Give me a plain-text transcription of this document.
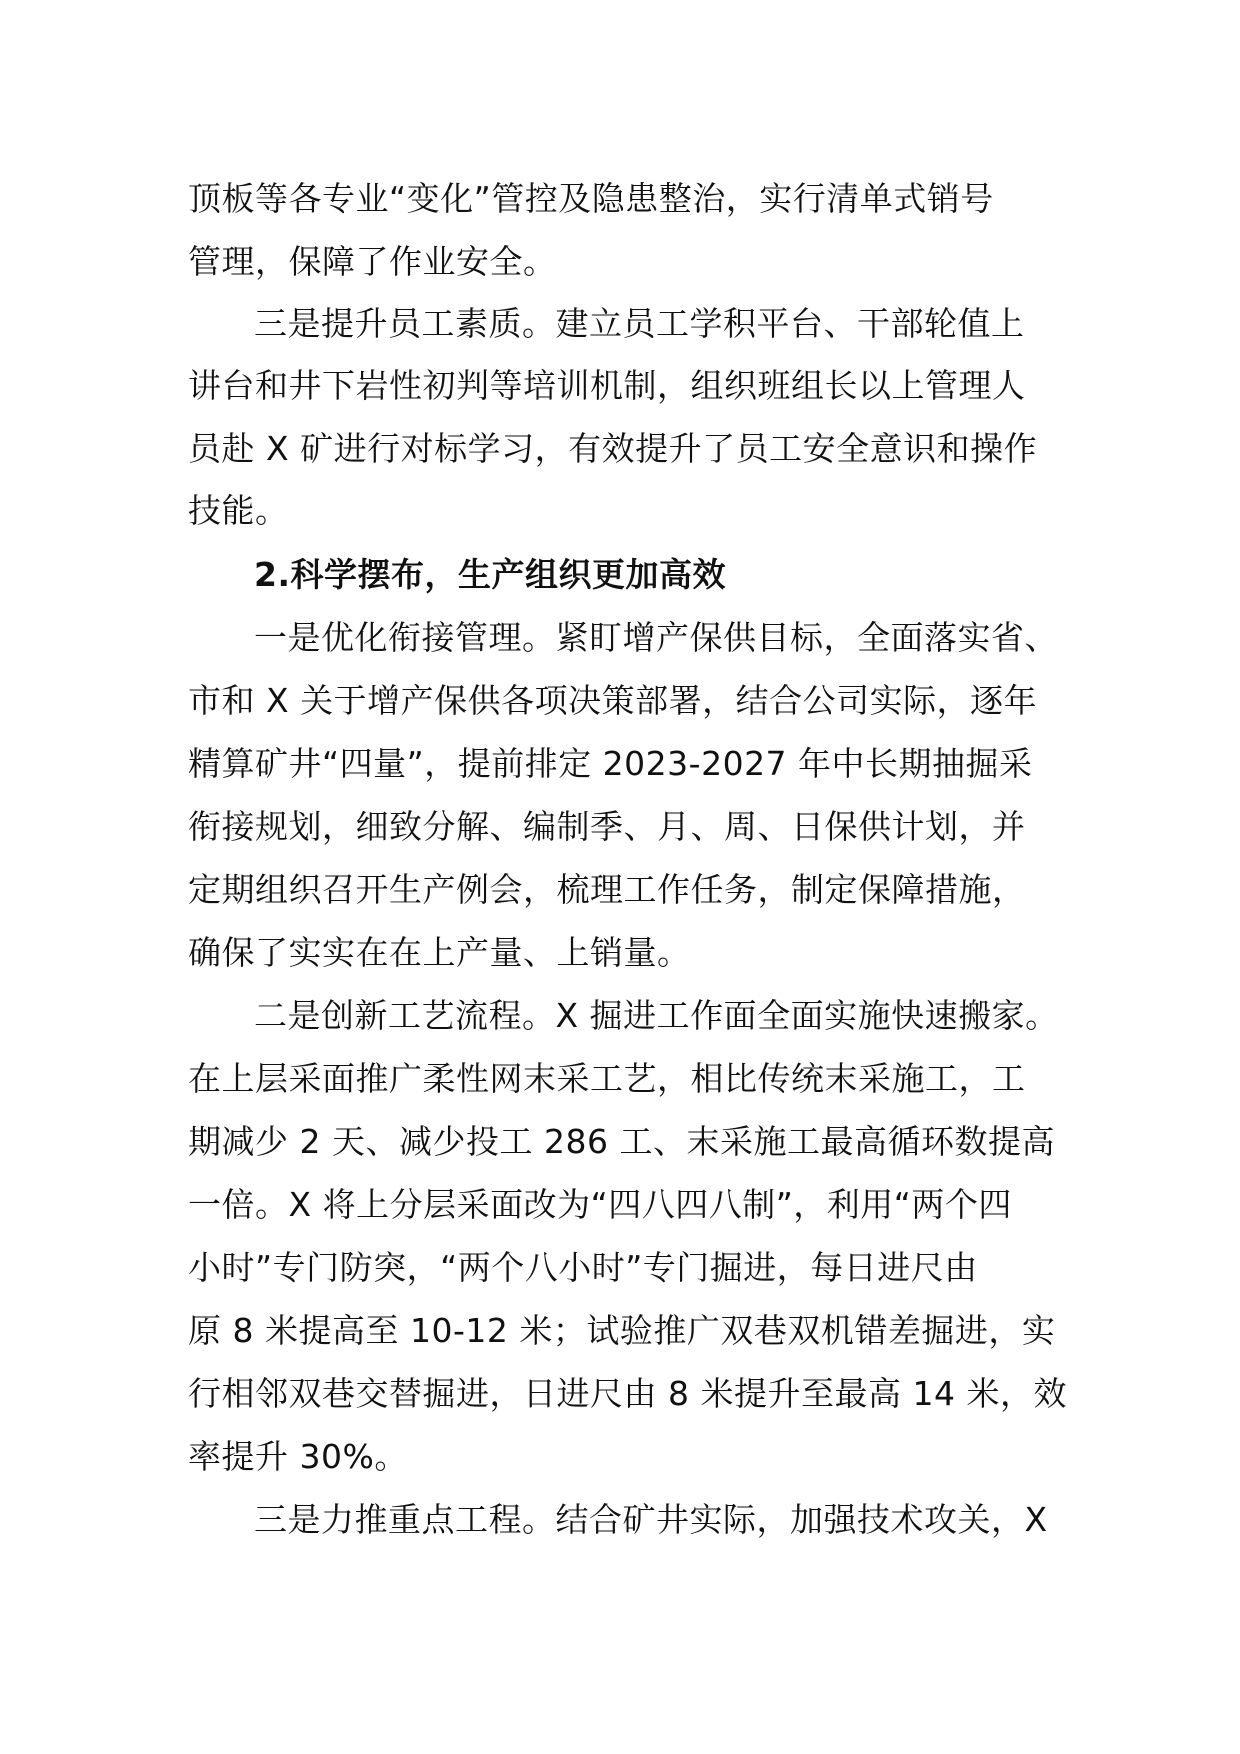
顶板等各专业“变化”管控及隐患整治，实行清单式销号
管理，保障了作业安全。
三是提升员工素质。建立员工学积平台、干部轮值上
讲台和井下岩性初判等培训机制，组织班组长以上管理人
员赴 X 矿进行对标学习，有效提升了员工安全意识和操作
技能。
2.科学摆布，生产组织更加高效
一是优化衔接管理。紧盯增产保供目标，全面落实省、
市和 X 关于增产保供各项决策部署，结合公司实际，逐年
精算矿井“四量”，提前排定 2023-2027 年中长期抽掘采
衔接规划，细致分解、编制季、月、周、日保供计划，并
定期组织召开生产例会，梳理工作任务，制定保障措施，
确保了实实在在上产量、上销量。
二是创新工艺流程。X 掘进工作面全面实施快速搬家。
在上层采面推广柔性网末采工艺，相比传统末采施工，工
期减少 2 天、减少投工 286 工、末采施工最高循环数提高
一倍。X 将上分层采面改为“四八四八制”，利用“两个四
小时”专门防突，“两个八小时”专门掘进，每日进尺由
原 8 米提高至 10-12 米；试验推广双巷双机错差掘进，实
行相邻双巷交替掘进，日进尺由 8 米提升至最高 14 米，效
率提升 30%。
三是力推重点工程。结合矿井实际，加强技术攻关，X
